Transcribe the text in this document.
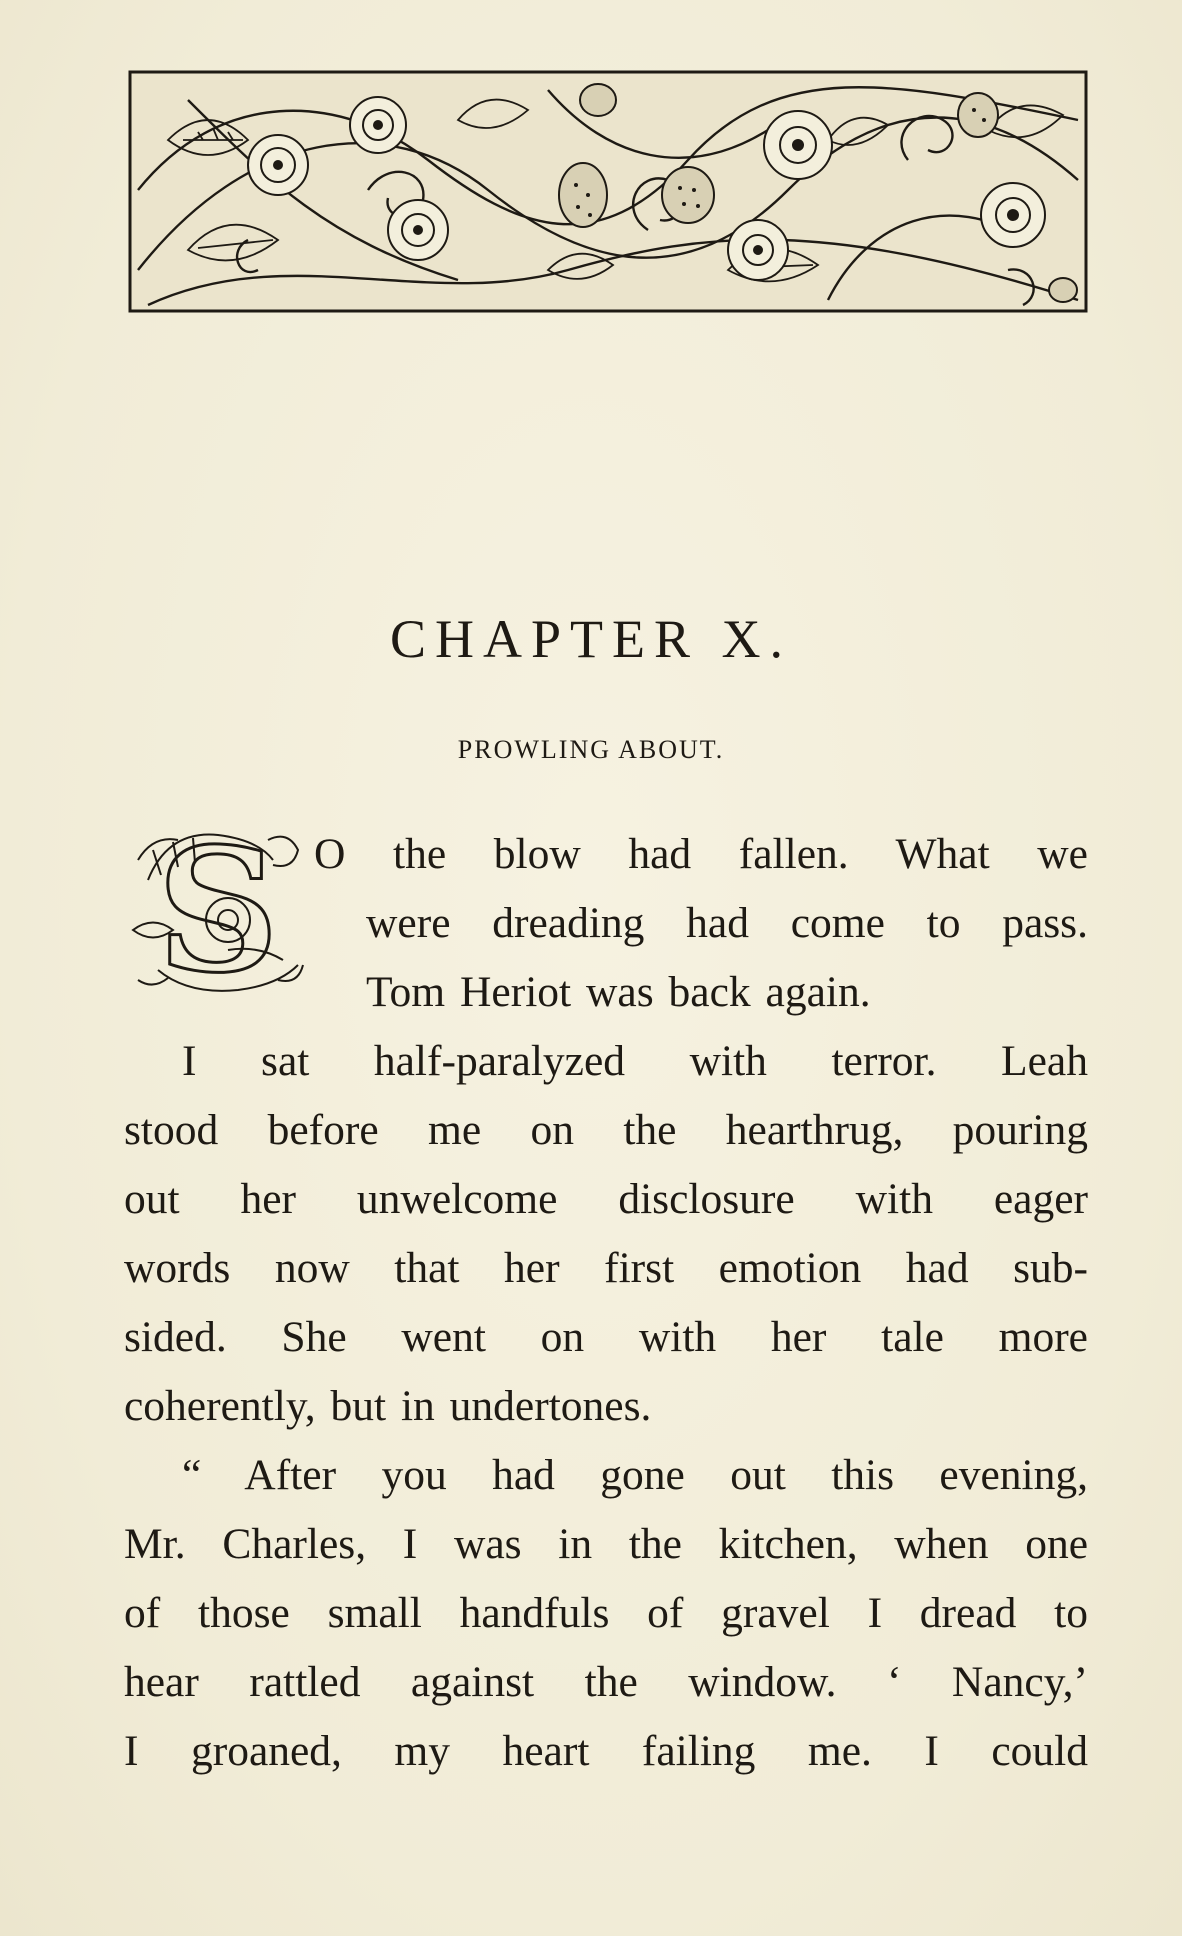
CHAPTER X.
PROWLING ABOUT.
S O the blow had fallen. What we
were dreading had come to pass.
Tom Heriot was back again.
I sat half-paralyzed with terror. Leah
stood before me on the hearthrug, pouring
out her unwelcome disclosure with eager
words now that her first emotion had sub-
sided. She went on with her tale more
coherently, but in undertones.
“ After you had gone out this evening,
Mr. Charles, I was in the kitchen, when one
of those small handfuls of gravel I dread to
hear rattled against the window. ‘ Nancy,’
I groaned, my heart failing me. I could
